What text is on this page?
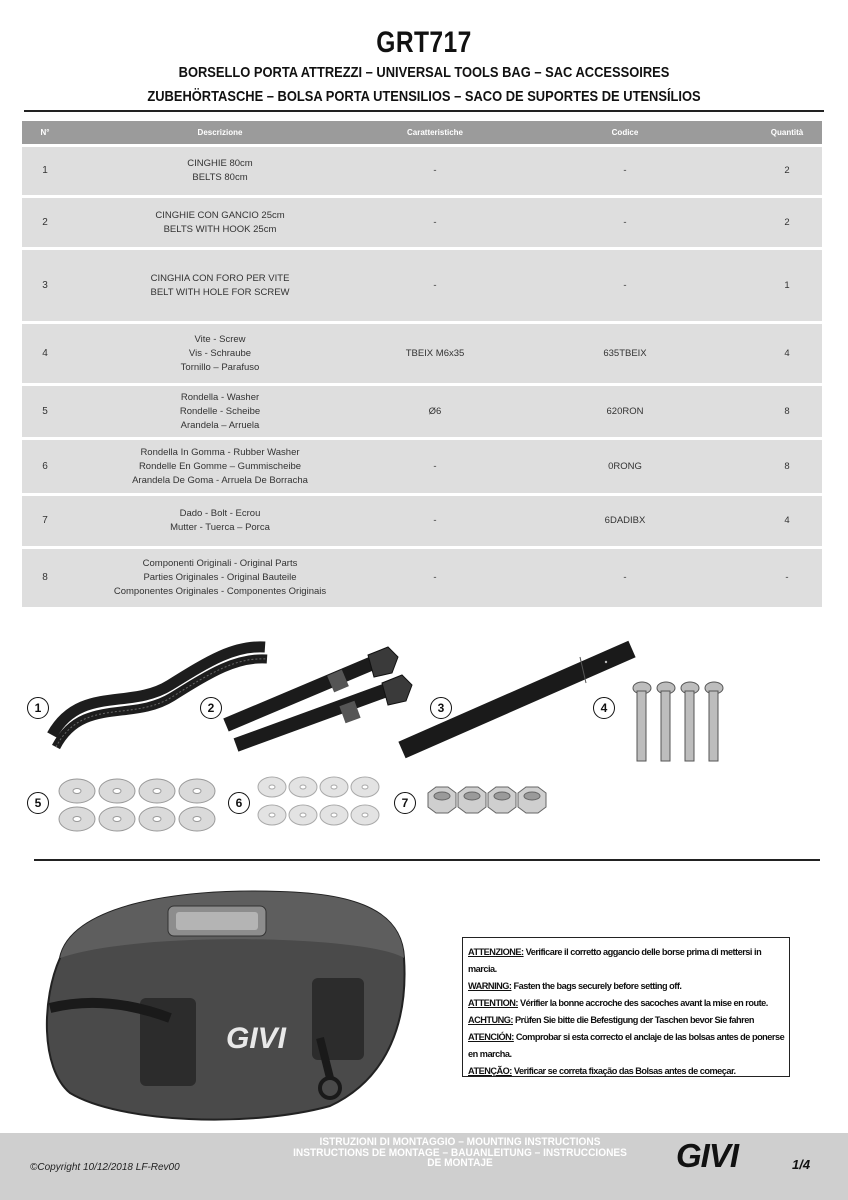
GRT717
BORSELLO PORTA ATTREZZI – UNIVERSAL TOOLS BAG – SAC ACCESSOIRES
ZUBEHÖRTASCHE – BOLSA PORTA UTENSILIOS – SACO DE SUPORTES DE UTENSÍLIOS
N°	Descrizione	Caratteristiche	Codice	Quantità
1	CINGHIE 80cm
BELTS 80cm	-	-	2
2	CINGHIE CON GANCIO 25cm
BELTS WITH HOOK 25cm	-	-	2
3	CINGHIA CON FORO PER VITE
BELT WITH HOLE FOR SCREW	-	-	1
4	Vite - Screw
Vis - Schraube
Tornillo – Parafuso	TBEIX M6x35	635TBEIX	4
5	Rondella - Washer
Rondelle - Scheibe
Arandela – Arruela	Ø6	620RON	8
6	Rondella In Gomma - Rubber Washer
Rondelle En Gomme – Gummischeibe
Arandela De Goma - Arruela De Borracha	-	0RONG	8
7	Dado - Bolt - Ecrou
Mutter - Tuerca – Porca	-	6DADIBX	4
8	Componenti Originali - Original Parts
Parties Originales - Original Bauteile
Componentes Originales - Componentes Originais	-	-	-
1	2	3	4
5	6	7
GIVI
ATTENZIONE: Verificare il corretto aggancio delle borse prima di mettersi in marcia.
WARNING: Fasten the bags securely before setting off.
ATTENTION: Vérifier la bonne accroche des sacoches avant la mise en route.
ACHTUNG: Prüfen Sie bitte die Befestigung der Taschen bevor Sie fahren
ATENCIÓN: Comprobar si esta correcto el anclaje de las bolsas antes de ponerse en marcha.
ATENÇÃO: Verificar se correta fixação das Bolsas antes de começar.
©Copyright 10/12/2018 LF-Rev00
ISTRUZIONI DI MONTAGGIO – MOUNTING INSTRUCTIONS
INSTRUCTIONS DE MONTAGE – BAUANLEITUNG – INSTRUCCIONES
DE MONTAJE	GIVI	1/4
